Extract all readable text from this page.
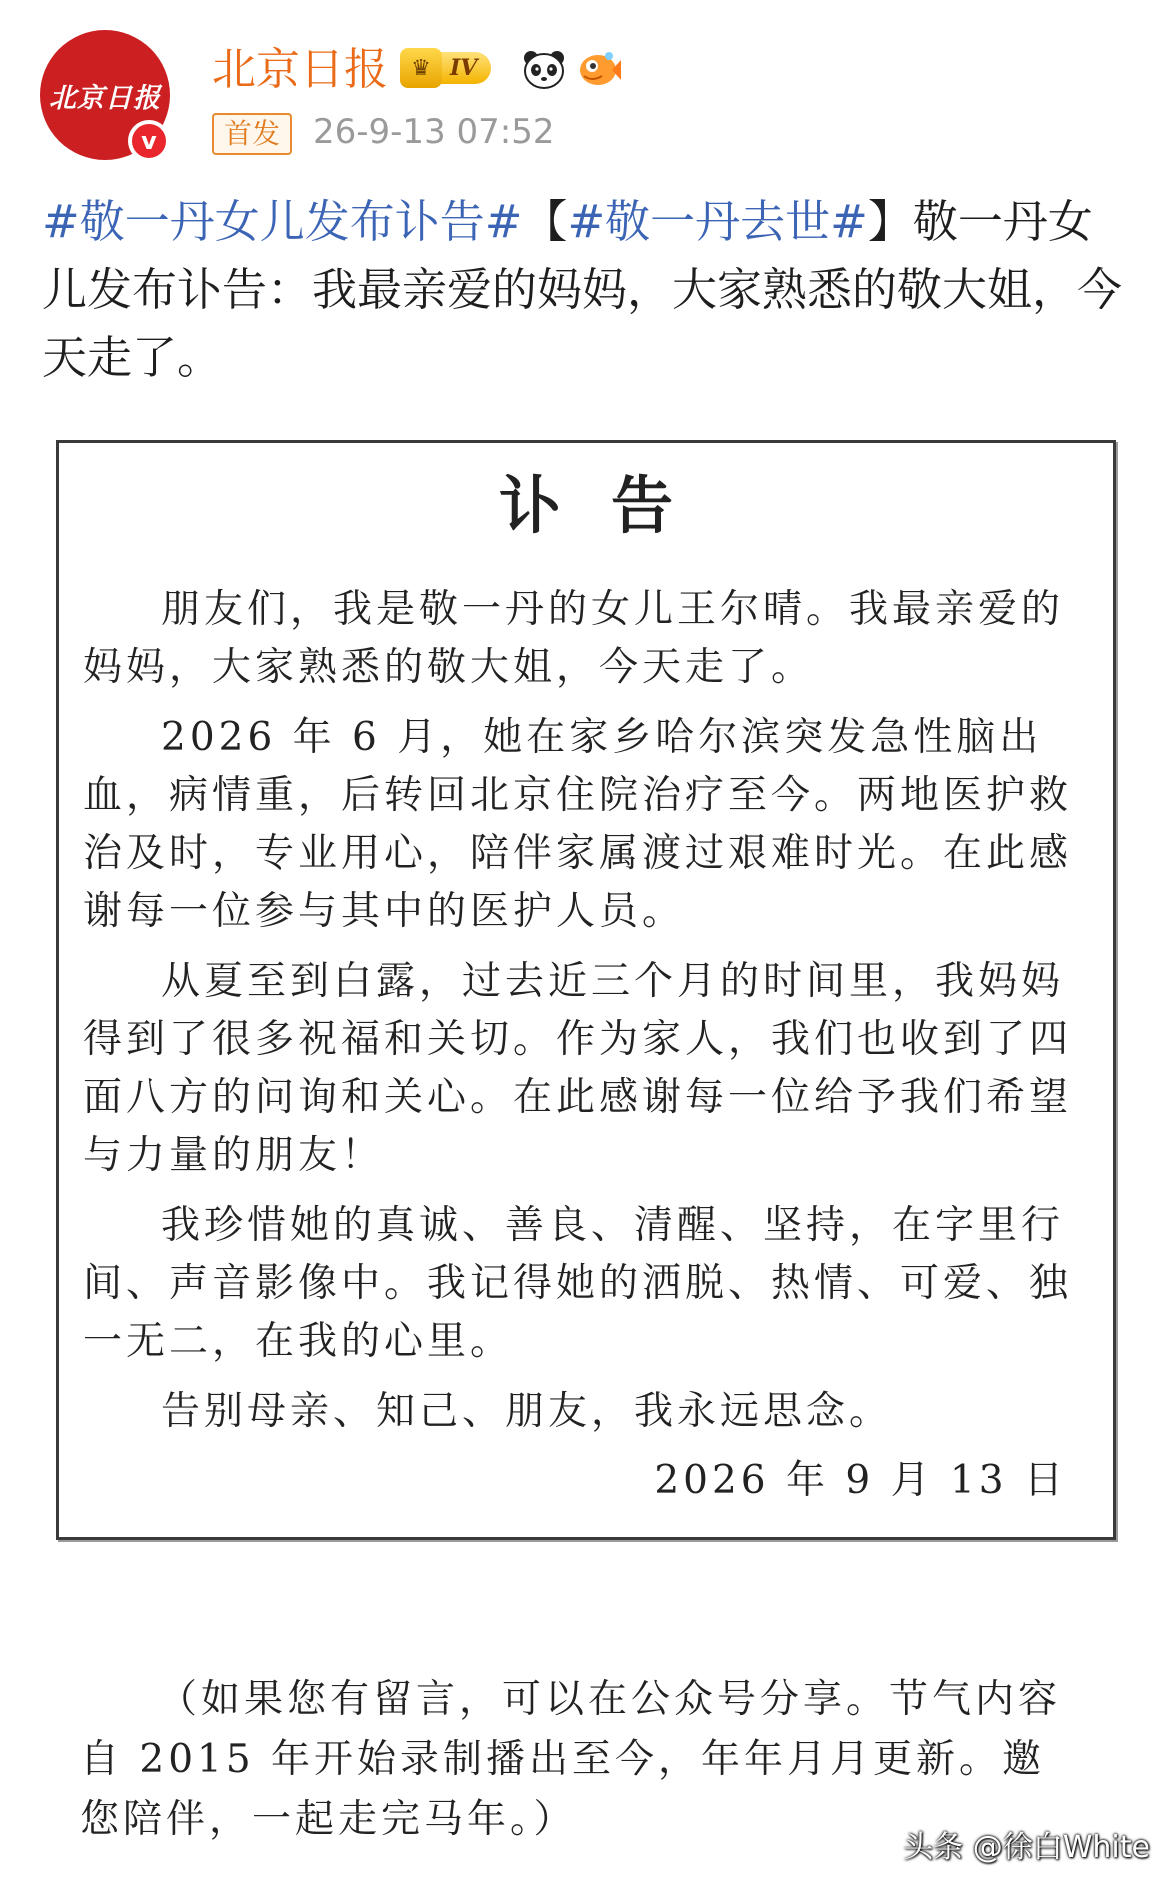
北京日报
v
北京日报	♛ IV
首发 26-9-13 07:52
#敬一丹女儿发布讣告#【#敬一丹去世#】敬一丹女儿发布讣告：我最亲爱的妈妈，大家熟悉的敬大姐，今天走了。
讣告

朋友们，我是敬一丹的女儿王尔晴。我最亲爱的妈妈，大家熟悉的敬大姐，今天走了。

2026 年 6 月，她在家乡哈尔滨突发急性脑出血，病情重，后转回北京住院治疗至今。两地医护救治及时，专业用心，陪伴家属渡过艰难时光。在此感谢每一位参与其中的医护人员。

从夏至到白露，过去近三个月的时间里，我妈妈得到了很多祝福和关切。作为家人，我们也收到了四面八方的问询和关心。在此感谢每一位给予我们希望与力量的朋友！

我珍惜她的真诚、善良、清醒、坚持，在字里行间、声音影像中。我记得她的洒脱、热情、可爱、独一无二，在我的心里。

告别母亲、知己、朋友，我永远思念。

2026 年 9 月 13 日
（如果您有留言，可以在公众号分享。节气内容自 2015 年开始录制播出至今，年年月月更新。邀您陪伴，一起走完马年。）
头条 @徐白White
